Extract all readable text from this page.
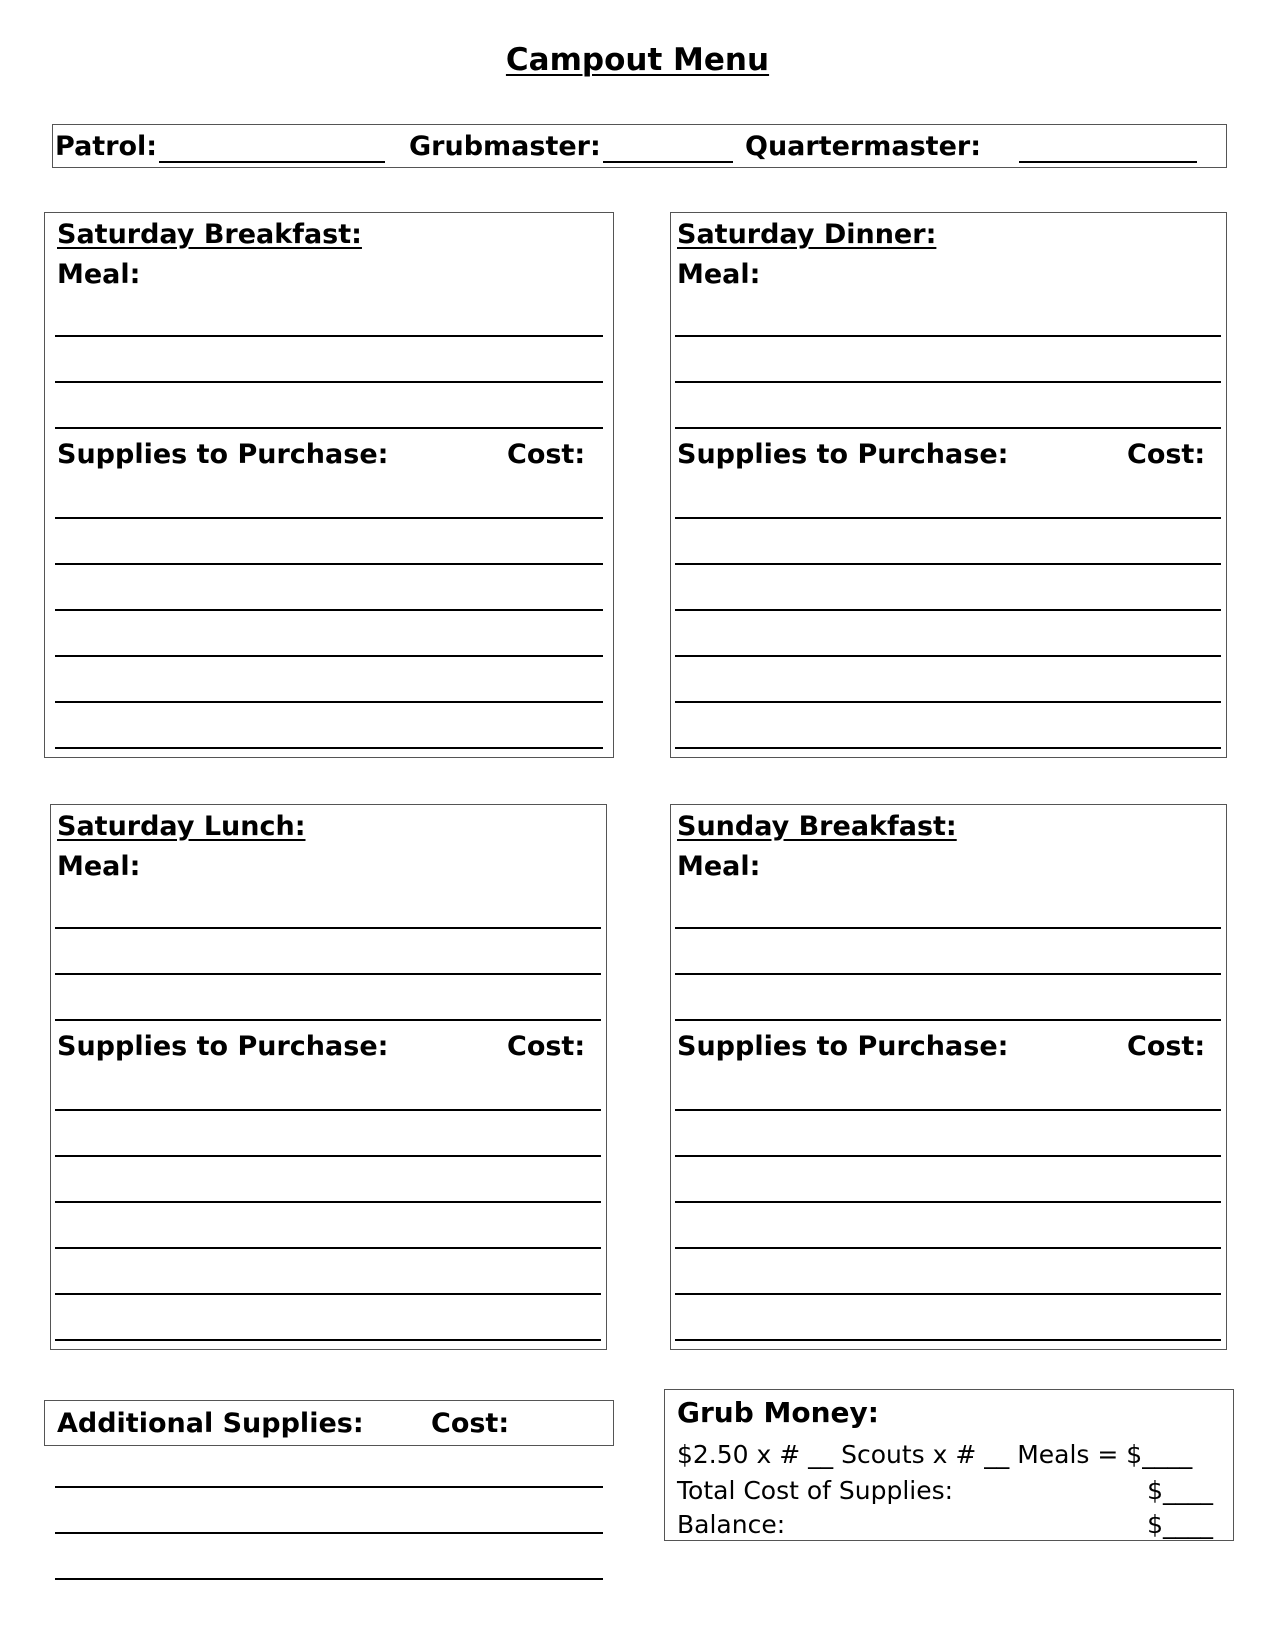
Campout Menu
Patrol:	Grubmaster:	Quartermaster:
Saturday Breakfast:
Meal:
Supplies to Purchase:	Cost:
Saturday Dinner:
Meal:
Supplies to Purchase:	Cost:
Saturday Lunch:
Meal:
Supplies to Purchase:	Cost:
Sunday Breakfast:
Meal:
Supplies to Purchase:	Cost:
Additional Supplies: Cost:	Grub Money:
$2.50 x # __ Scouts x # __ Meals = $____
Total Cost of Supplies:	$____
Balance:	$____
